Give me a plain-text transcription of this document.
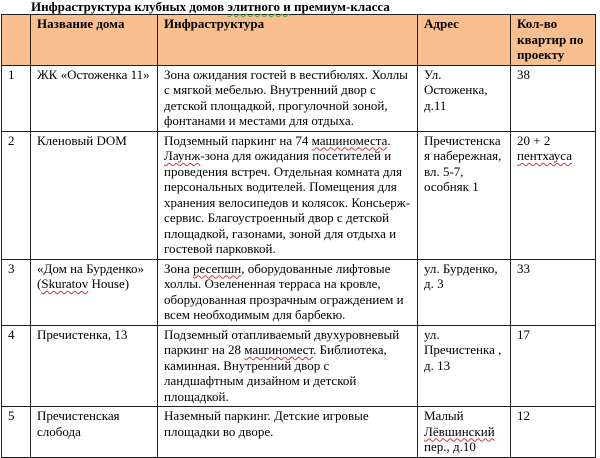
Инфраструктура клубных домов элитного и премиум-класса

	Название дома	Инфраструктура	Адрес	Кол-во квартир по проекту
1	ЖК «Остоженка 11»	Зона ожидания гостей в вестибюлях. Холлы с мягкой мебелью. Внутренний двор с детской площадкой, прогулочной зоной, фонтанами и местами для отдыха.	Ул. Остоженка, д.11	38
2	Кленовый DOM	Подземный паркинг на 74 машиноместа. Лаунж-зона для ожидания посетителей и проведения встреч. Отдельная комната для персональных водителей. Помещения для хранения велосипедов и колясок. Консьерж-сервис. Благоустроенный двор с детской площадкой, газонами, зоной для отдыха и гостевой парковкой.	Пречистенская набережная, вл. 5-7, особняк 1	20 + 2 пентхауса
3	«Дом на Бурденко» (Skuratov House)	Зона ресепшн, оборудованные лифтовые холлы. Озелененная терраса на кровле, оборудованная прозрачным ограждением и всем необходимым для барбекю.	ул. Бурденко, д. 3	33
4	Пречистенка, 13	Подземный отапливаемый двухуровневый паркинг на 28 машиномест. Библиотека, каминная. Внутренний двор с ландшафтным дизайном и детской площадкой.	ул. Пречистенка , д. 13	17
5	Пречистенская слобода	Наземный паркинг. Детские игровые площадки во дворе.	Малый Лёвшинский пер., д.10	12
